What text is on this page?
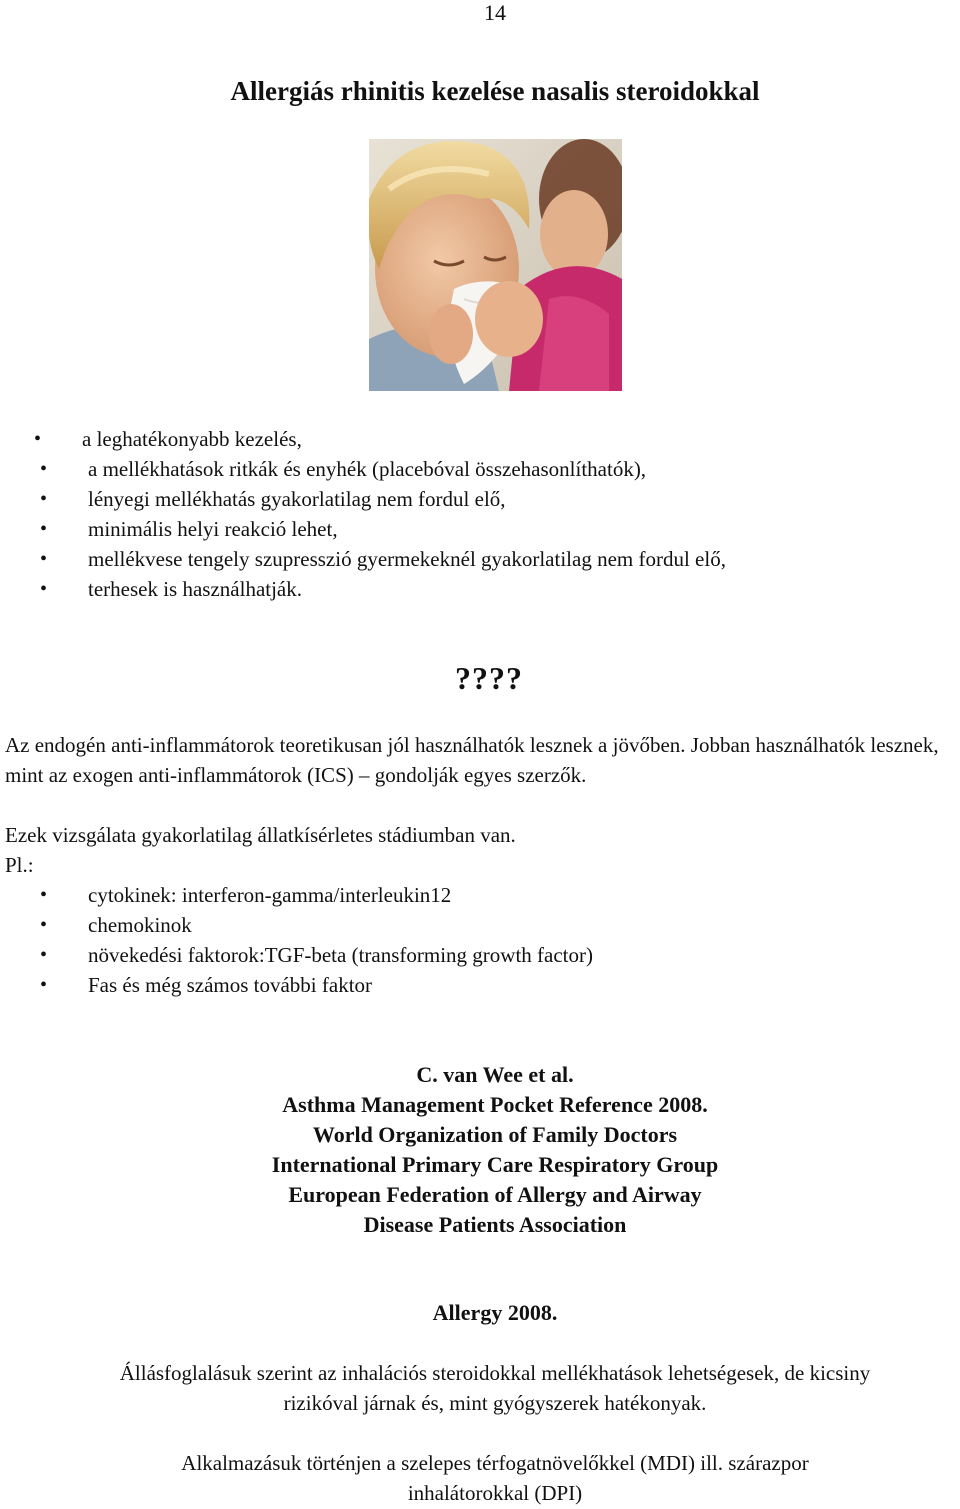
14
Allergiás rhinitis kezelése nasalis steroidokkal
• a leghatékonyabb kezelés,
• a mellékhatások ritkák és enyhék (placebóval összehasonlíthatók),
• lényegi mellékhatás gyakorlatilag nem fordul elő,
• minimális helyi reakció lehet,
• mellékvese tengely szupresszió gyermekeknél gyakorlatilag nem fordul elő,
• terhesek is használhatják.
????
Az endogén anti-inflammátorok teoretikusan jól használhatók lesznek a jövőben. Jobban használhatók lesznek, mint az exogen anti-inflammátorok (ICS) – gondolják egyes szerzők.
Ezek vizsgálata gyakorlatilag állatkísérletes stádiumban van.
Pl.:
• cytokinek: interferon-gamma/interleukin12
• chemokinok
• növekedési faktorok:TGF-beta (transforming growth factor)
• Fas és még számos további faktor
C. van Wee et al.
Asthma Management Pocket Reference 2008.
World Organization of Family Doctors
International Primary Care Respiratory Group
European Federation of Allergy and Airway
Disease Patients Association
Allergy 2008.
Állásfoglalásuk szerint az inhalációs steroidokkal mellékhatások lehetségesek, de kicsiny
rizikóval járnak és, mint gyógyszerek hatékonyak.
Alkalmazásuk történjen a szelepes térfogatnövelőkkel (MDI) ill. szárazpor
inhalátorokkal (DPI)
